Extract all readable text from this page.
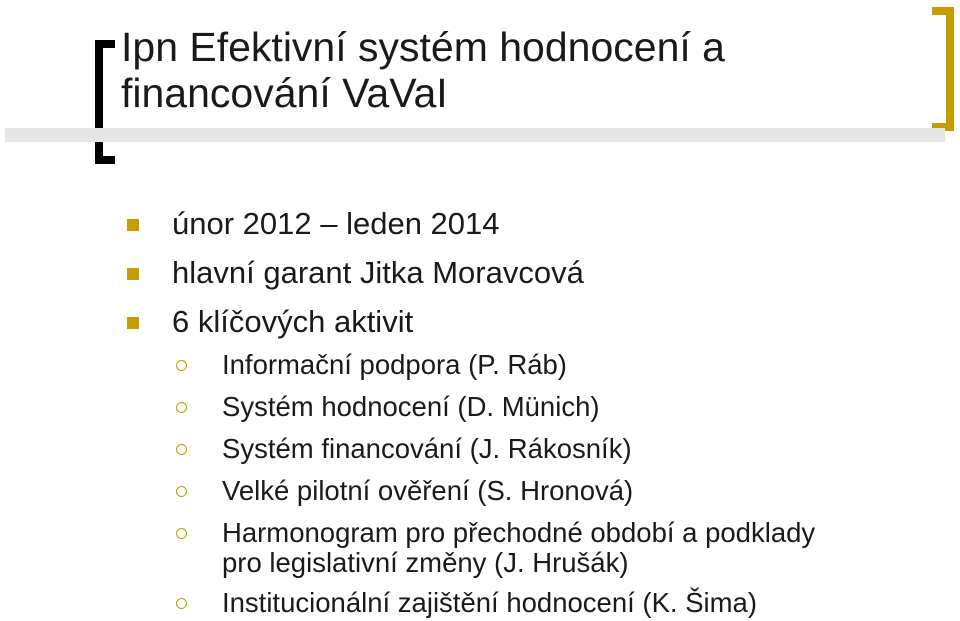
Ipn Efektivní systém hodnocení a
financování VaVaI
únor 2012 – leden 2014
hlavní garant Jitka Moravcová
6 klíčových aktivit
Informační podpora (P. Ráb)
Systém hodnocení (D. Münich)
Systém financování (J. Rákosník)
Velké pilotní ověření (S. Hronová)
Harmonogram pro přechodné období a podklady
pro legislativní změny (J. Hrušák)
Institucionální zajištění hodnocení (K. Šima)
